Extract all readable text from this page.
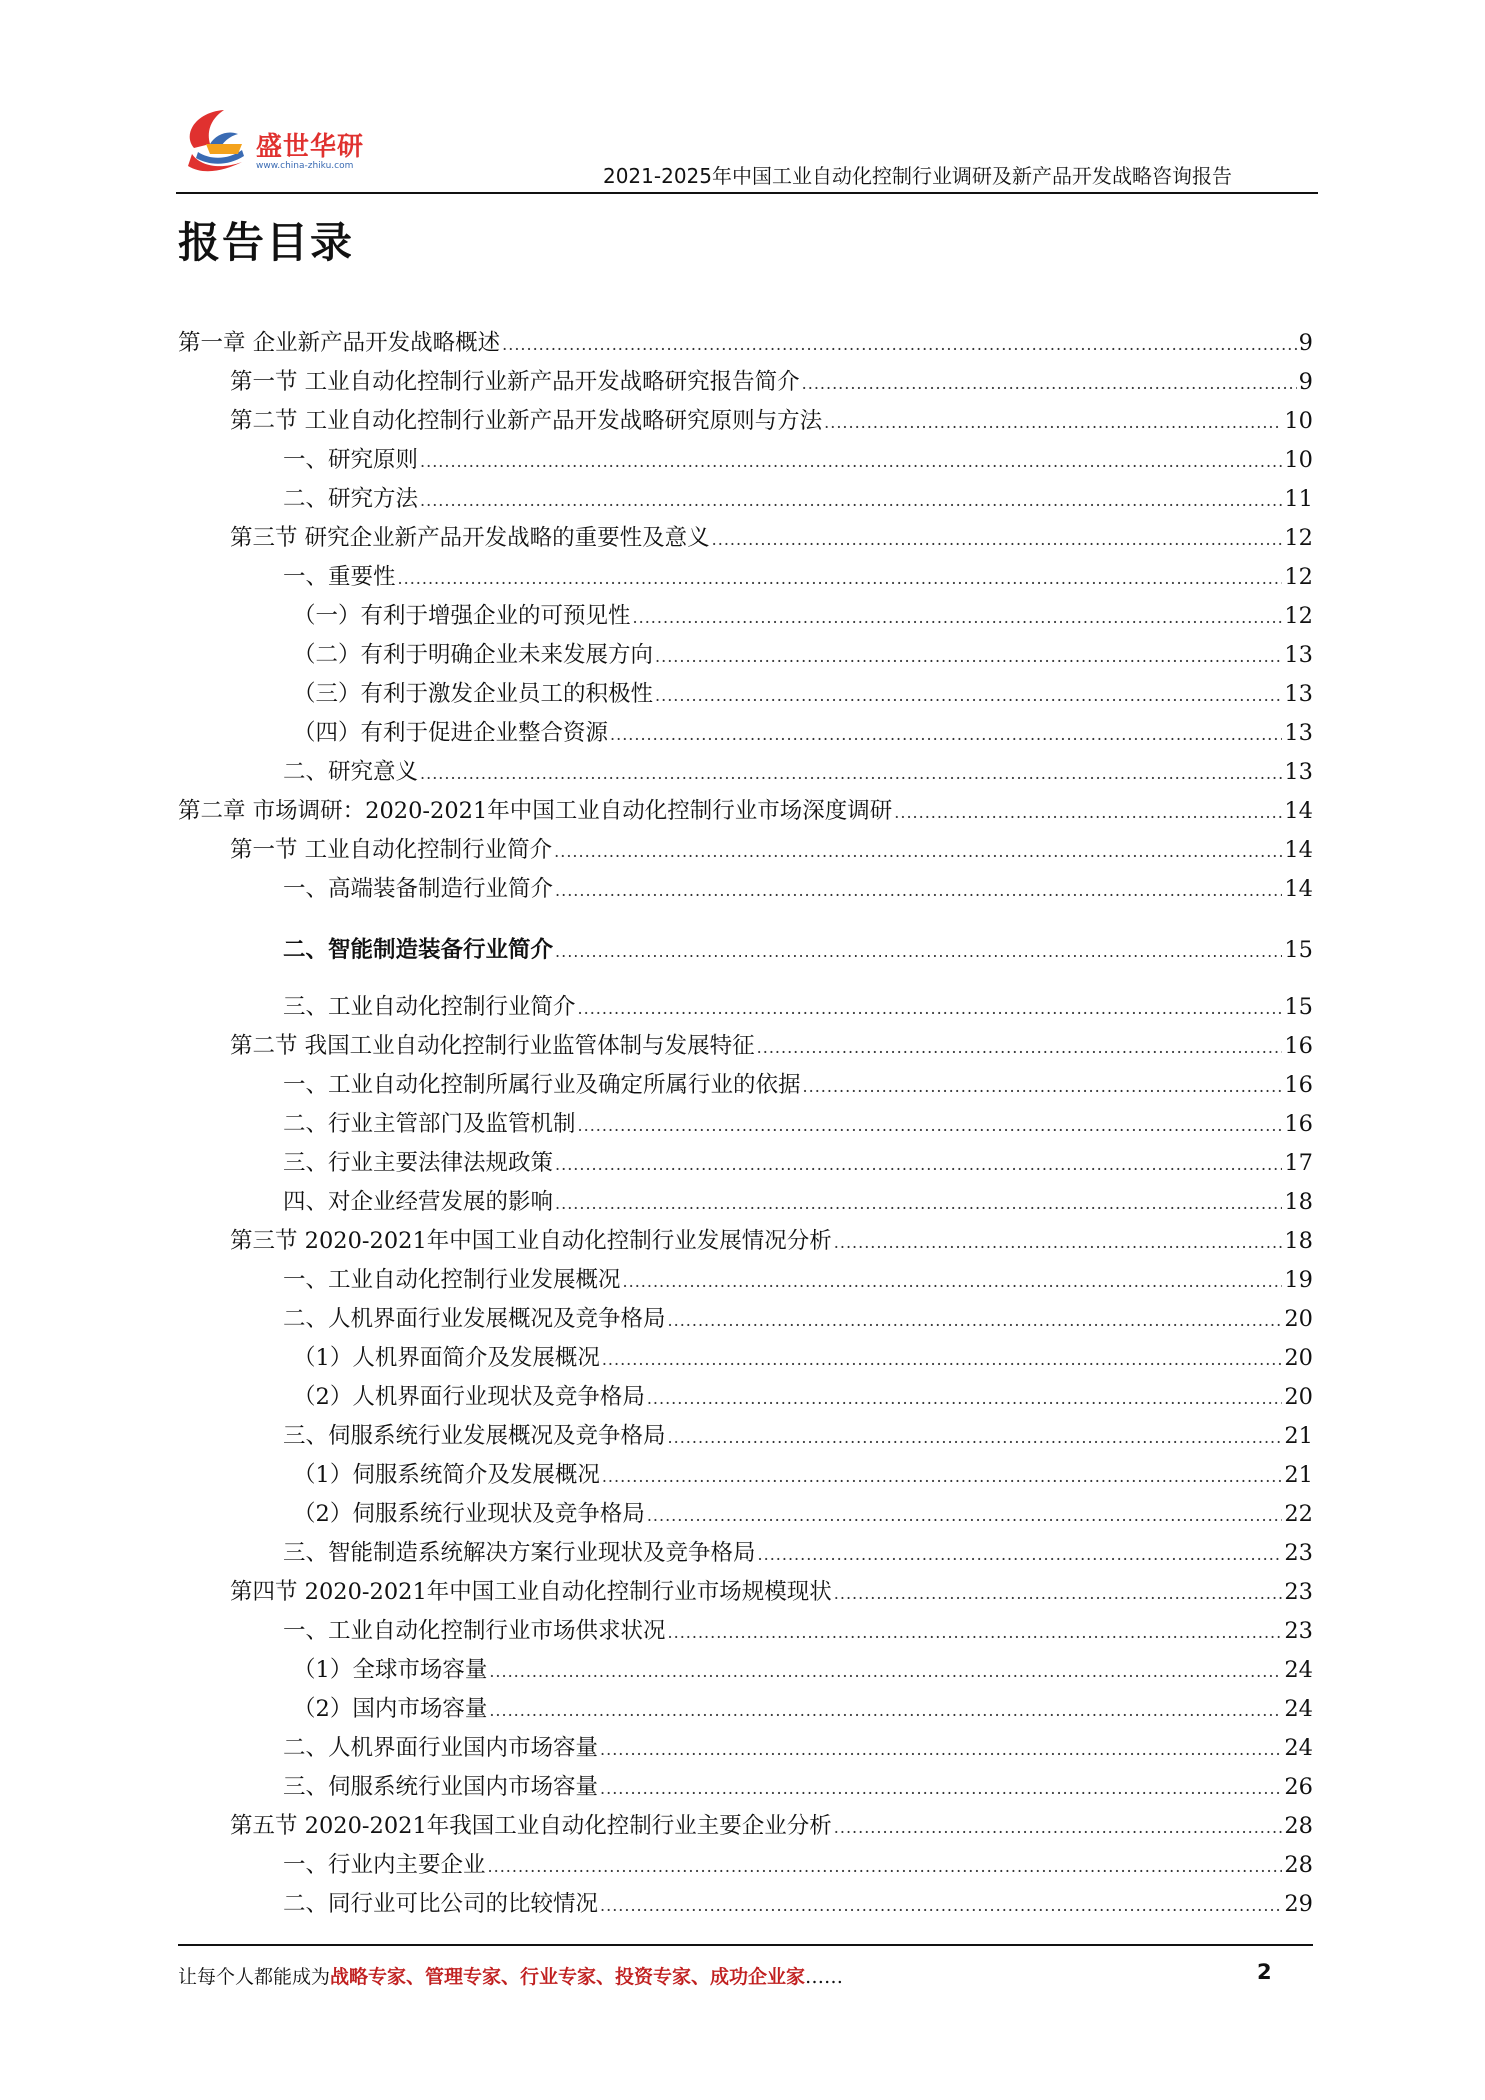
盛世华研
www.china-zhiku.com	2021-2025年中国工业自动化控制行业调研及新产品开发战略咨询报告
报告目录
第一章 企业新产品开发战略概述 .....	9
第一节 工业自动化控制行业新产品开发战略研究报告简介 .....	9
第二节 工业自动化控制行业新产品开发战略研究原则与方法 .....	10
一、研究原则 .....	10
二、研究方法 .....	11
第三节 研究企业新产品开发战略的重要性及意义 .....	12
一、重要性 .....	12
（一）有利于增强企业的可预见性 .....	12
（二）有利于明确企业未来发展方向 .....	13
（三）有利于激发企业员工的积极性 .....	13
（四）有利于促进企业整合资源 .....	13
二、研究意义 .....	13
第二章 市场调研：2020-2021年中国工业自动化控制行业市场深度调研 .....	14
第一节 工业自动化控制行业简介 .....	14
一、高端装备制造行业简介 .....	14
二、智能制造装备行业简介 .....	15
三、工业自动化控制行业简介 .....	15
第二节 我国工业自动化控制行业监管体制与发展特征 .....	16
一、工业自动化控制所属行业及确定所属行业的依据 .....	16
二、行业主管部门及监管机制 .....	16
三、行业主要法律法规政策 .....	17
四、对企业经营发展的影响 .....	18
第三节 2020-2021年中国工业自动化控制行业发展情况分析 .....	18
一、工业自动化控制行业发展概况 .....	19
二、人机界面行业发展概况及竞争格局 .....	20
（1）人机界面简介及发展概况 .....	20
（2）人机界面行业现状及竞争格局 .....	20
三、伺服系统行业发展概况及竞争格局 .....	21
（1）伺服系统简介及发展概况 .....	21
（2）伺服系统行业现状及竞争格局 .....	22
三、智能制造系统解决方案行业现状及竞争格局 .....	23
第四节 2020-2021年中国工业自动化控制行业市场规模现状 .....	23
一、工业自动化控制行业市场供求状况 .....	23
（1）全球市场容量 .....	24
（2）国内市场容量 .....	24
二、人机界面行业国内市场容量 .....	24
三、伺服系统行业国内市场容量 .....	26
第五节 2020-2021年我国工业自动化控制行业主要企业分析 .....	28
一、行业内主要企业 .....	28
二、同行业可比公司的比较情况 .....	29
让每个人都能成为战略专家、管理专家、行业专家、投资专家、成功企业家……	2
